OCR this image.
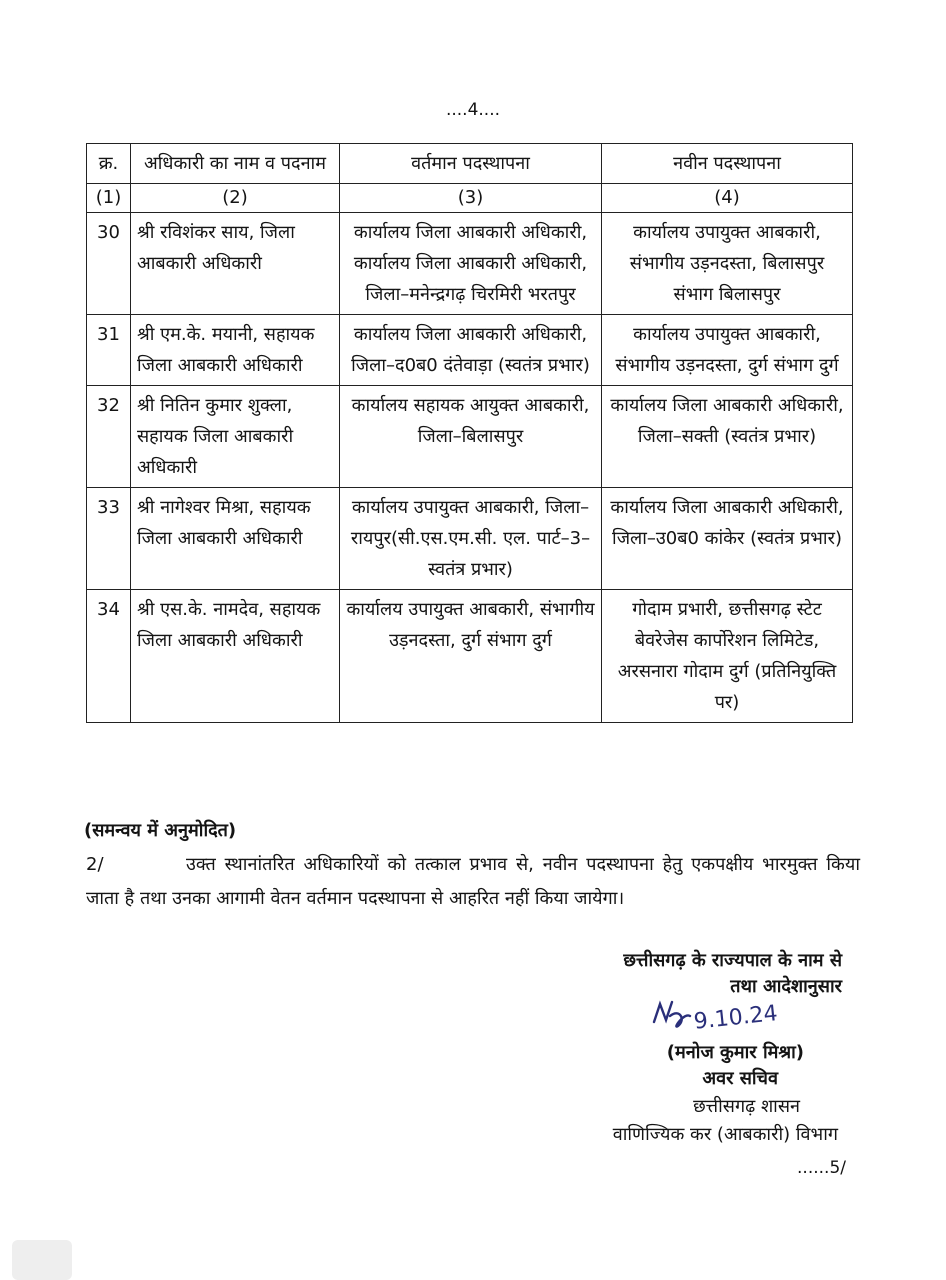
....4....
क्र.	अधिकारी का नाम व पदनाम	वर्तमान पदस्थापना	नवीन पदस्थापना
(1)	(2)	(3)	(4)
30	श्री रविशंकर साय, जिला आबकारी अधिकारी	कार्यालय जिला आबकारी अधिकारी, कार्यालय जिला आबकारी अधिकारी, जिला–मनेन्द्रगढ़ चिरमिरी भरतपुर	कार्यालय उपायुक्त आबकारी, संभागीय उड़नदस्ता, बिलासपुर संभाग बिलासपुर
31	श्री एम.के. मयानी, सहायक जिला आबकारी अधिकारी	कार्यालय जिला आबकारी अधिकारी, जिला–द0ब0 दंतेवाड़ा (स्वतंत्र प्रभार)	कार्यालय उपायुक्त आबकारी, संभागीय उड़नदस्ता, दुर्ग संभाग दुर्ग
32	श्री नितिन कुमार शुक्ला, सहायक जिला आबकारी अधिकारी	कार्यालय सहायक आयुक्त आबकारी, जिला–बिलासपुर	कार्यालय जिला आबकारी अधिकारी, जिला–सक्ती (स्वतंत्र प्रभार)
33	श्री नागेश्वर मिश्रा, सहायक जिला आबकारी अधिकारी	कार्यालय उपायुक्त आबकारी, जिला–रायपुर(सी.एस.एम.सी. एल. पार्ट–3–स्वतंत्र प्रभार)	कार्यालय जिला आबकारी अधिकारी, जिला–उ0ब0 कांकेर (स्वतंत्र प्रभार)
34	श्री एस.के. नामदेव, सहायक जिला आबकारी अधिकारी	कार्यालय उपायुक्त आबकारी, संभागीय उड़नदस्ता, दुर्ग संभाग दुर्ग	गोदाम प्रभारी, छत्तीसगढ़ स्टेट बेवरेजेस कार्पोरेशन लिमिटेड, अरसनारा गोदाम दुर्ग (प्रतिनियुक्ति पर)
(समन्वय में अनुमोदित)
2/	उक्त स्थानांतरित अधिकारियों को तत्काल प्रभाव से, नवीन पदस्थापना हेतु एकपक्षीय भारमुक्त किया जाता है तथा उनका आगामी वेतन वर्तमान पदस्थापना से आहरित नहीं किया जायेगा।
छत्तीसगढ़ के राज्यपाल के नाम से
तथा आदेशानुसार
9.10.24
(मनोज कुमार मिश्रा)
अवर सचिव
छत्तीसगढ़ शासन
वाणिज्यिक कर (आबकारी) विभाग
......5/
